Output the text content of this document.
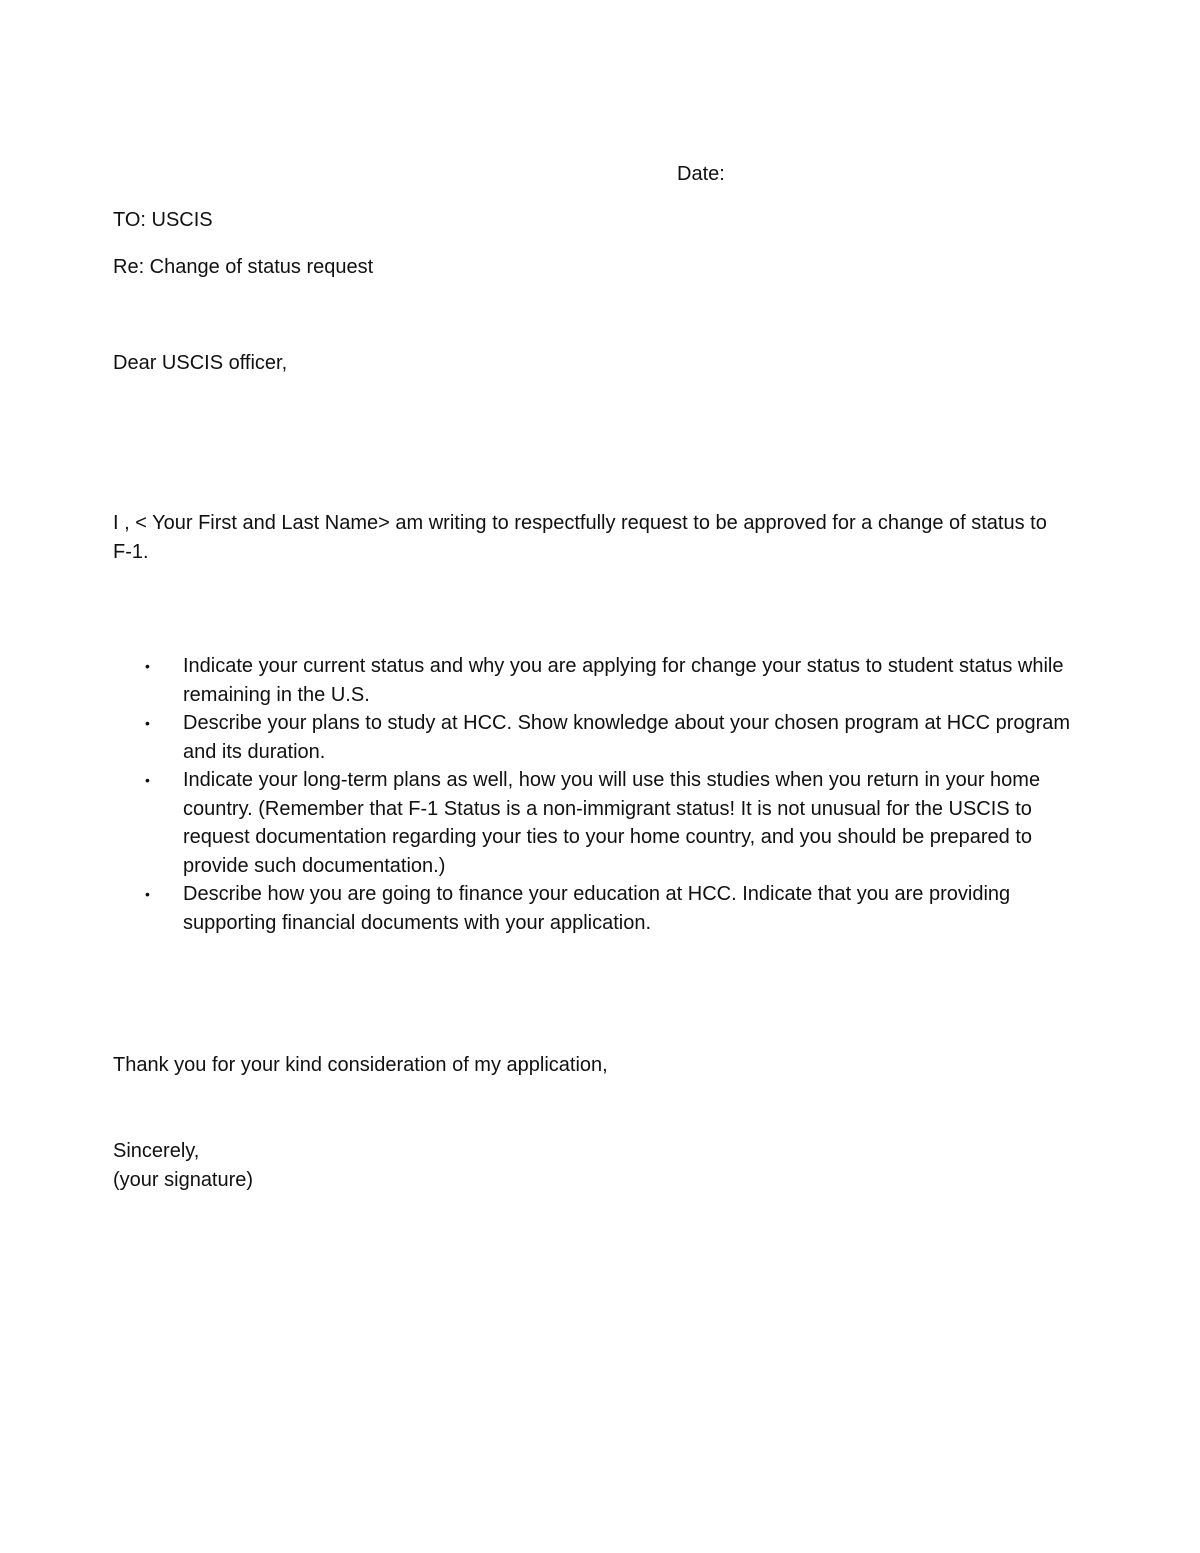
Date:
TO: USCIS
Re: Change of status request
Dear USCIS officer,
I , < Your First and Last Name> am writing to respectfully request to be approved for a change of status to F-1.
• Indicate your current status and why you are applying for change your status to student status while remaining in the U.S.
• Describe your plans to study at HCC. Show knowledge about your chosen program at HCC program and its duration.
• Indicate your long-term plans as well, how you will use this studies when you return in your home country. (Remember that F-1 Status is a non-immigrant status! It is not unusual for the USCIS to request documentation regarding your ties to your home country, and you should be prepared to provide such documentation.)
• Describe how you are going to finance your education at HCC. Indicate that you are providing supporting financial documents with your application.
Thank you for your kind consideration of my application,
Sincerely,
(your signature)
